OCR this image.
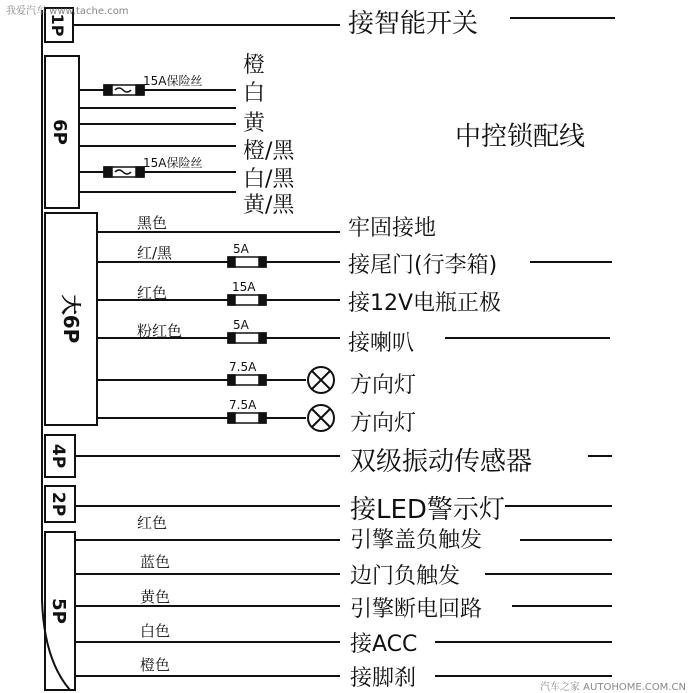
1P
6P
大6P
4P
2P
5P
我爱汽车 www.tache.com
汽车之家 AUTOHOME.COM.CN
接智能开关
15A保险丝
15A保险丝
橙
白
黄
橙/黑
白/黑
黄/黑
中控锁配线
黑色
红/黑
红色
粉红色
5A
15A
5A
7.5A
7.5A
牢固接地
接尾门(行李箱)
接12V电瓶正极
接喇叭
方向灯
方向灯
双级振动传感器
接LED警示灯
红色
蓝色
黄色
白色
橙色
引擎盖负触发
边门负触发
引擎断电回路
接ACC
接脚刹
